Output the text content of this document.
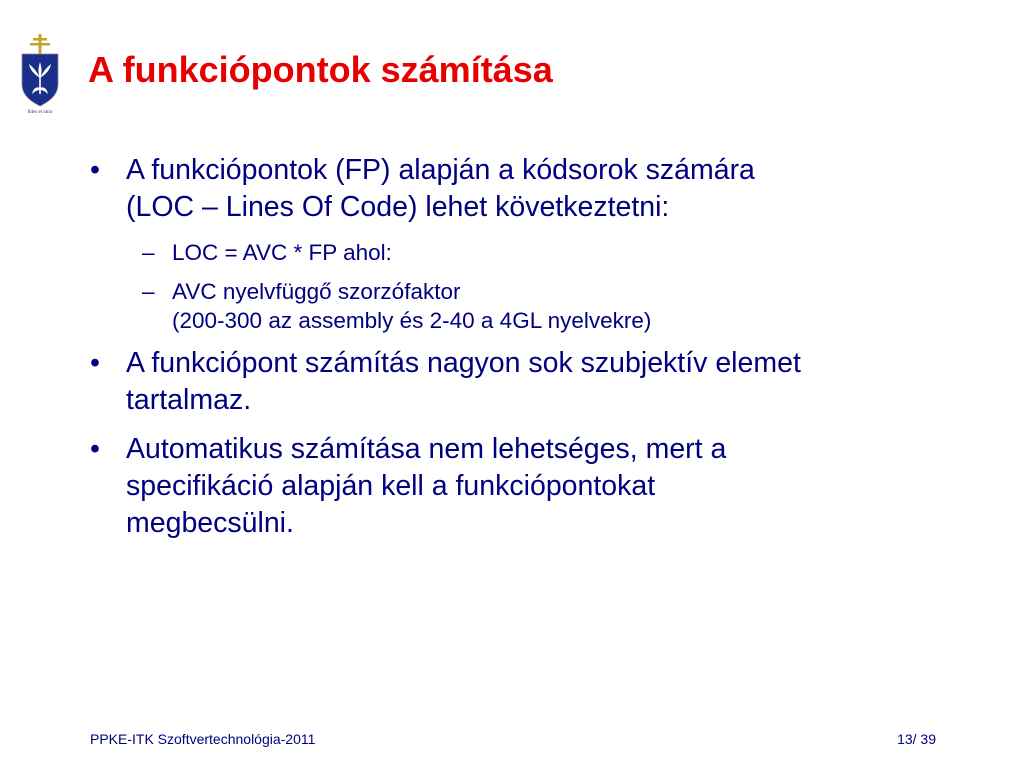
fides et ratio
A funkciópontok számítása
• A funkciópontok (FP) alapján a kódsorok számára
(LOC – Lines Of Code) lehet következtetni:
– LOC = AVC * FP ahol:
– AVC nyelvfüggő szorzófaktor
(200-300 az assembly és 2-40 a 4GL nyelvekre)
• A funkciópont számítás nagyon sok szubjektív elemet
tartalmaz.
• Automatikus számítása nem lehetséges, mert a
specifikáció alapján kell a funkciópontokat
megbecsülni.
PPKE-ITK Szoftvertechnológia-2011	13/ 39
